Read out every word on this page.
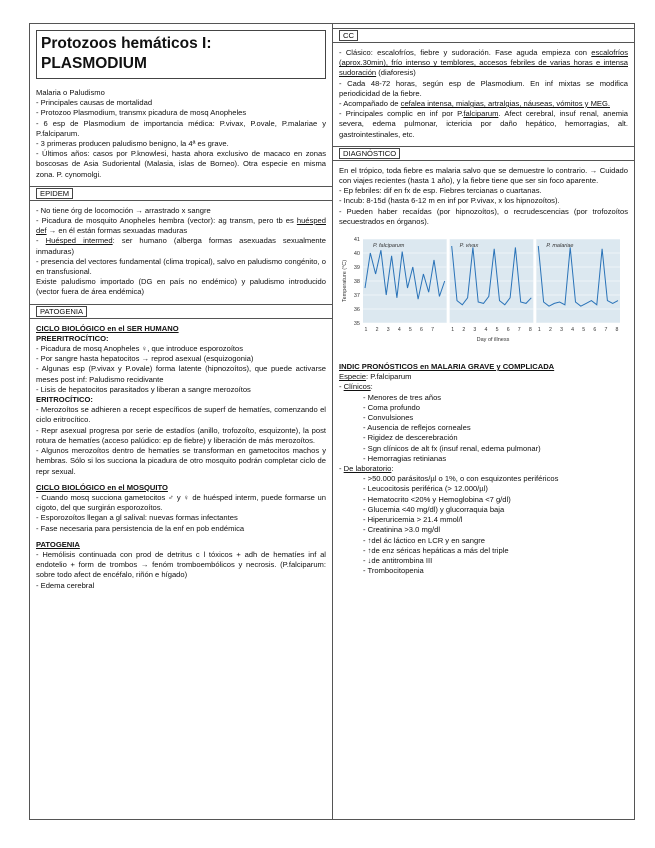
Protozoos hemáticos I:
PLASMODIUM

Malaria o Paludismo

- Principales causas de mortalidad

- Protozoo Plasmodium, transmx picadura de mosq Anopheles

- 6 esp de Plasmodium de importancia médica: P.vivax, P.ovale, P.malariae y P.falciparum.

- 3 primeras producen paludismo benigno, la 4ª es grave.

- Últimos años: casos por P.knowlesi, hasta ahora exclusivo de macaco en zonas boscosas de Asia Sudoriental (Malasia, islas de Borneo). Otra especie en misma zona. P. cynomolgi.

EPIDEM

- No tiene órg de locomoción → arrastrado x sangre

- Picadura de mosquito Anopheles hembra (vector): ag transm, pero tb es huésped def → en él están formas sexuadas maduras

- Huésped intermed: ser humano (alberga formas asexuadas sexualmente inmaduras)

- presencia del vectores fundamental (clima tropical), salvo en paludismo congénito, o en transfusional.

Existe paludismo importado (DG en país no endémico) y paludismo introducido (vector fuera de área endémica)

PATOGENIA

CICLO BIOLÓGICO en el SER HUMANO

PREERITROCÍTICO:

- Picadura de mosq Anopheles ♀, que introduce esporozoítos

- Por sangre hasta hepatocitos → reprod asexual (esquizogonia)

- Algunas esp (P.vivax y P.ovale) forma latente (hipnozoítos), que puede activarse meses post inf: Paludismo recidivante

- Lisis de hepatocitos parasitados y liberan a sangre merozoítos

ERITROCÍTICO:

- Merozoítos se adhieren a recept específicos de superf de hematíes, comenzando el ciclo eritrocítico.

- Repr asexual progresa por serie de estadíos (anillo, trofozoíto, esquizonte), la post rotura de hematíes (acceso palúdico: ep de fiebre) y liberación de más merozoítos.

- Algunos merozoítos dentro de hematíes se transforman en gametocitos machos y hembras. Sólo si los succiona la picadura de otro mosquito podrán completar ciclo de repr sexual.

CICLO BIOLÓGICO en el MOSQUITO

- Cuando mosq succiona gametocitos ♂ y ♀ de huésped interm, puede formarse un cigoto, del que surgirán esporozoítos.

- Esporozoítos llegan a gl salival: nuevas formas infectantes

- Fase necesaria para persistencia de la enf en pob endémica

PATOGENIA

- Hemólisis continuada con prod de detritus c l tóxicos + adh de hematíes inf al endotelio + form de trombos → fenóm tromboembólicos y necrosis. (P.falciparum: sobre todo afect de encéfalo, riñón e hígado)

- Edema cerebral

CC

- Clásico: escalofríos, fiebre y sudoración. Fase aguda empieza con escalofríos (aprox.30min), frío intenso y temblores, accesos febriles de varias horas e intensa sudoración (diaforesis)

- Cada 48-72 horas, según esp de Plasmodium. En inf mixtas se modifica periodicidad de la fiebre.

- Acompañado de cefalea intensa, mialgias, artralgias, náuseas, vómitos y MEG.

- Principales complic en inf por P.falciparum. Afect cerebral, insuf renal, anemia severa, edema pulmonar, ictericia por daño hepático, hemorragias, alt. gastrointestinales, etc.

DIAGNÓSTICO

En el trópico, toda fiebre es malaria salvo que se demuestre lo contrario. → Cuidado con viajes recientes (hasta 1 año), y la fiebre tiene que ser sin foco aparente.

- Ep febriles: dif en fx de esp. Fiebres tercianas o cuartanas.

- Incub: 8-15d (hasta 6-12 m en inf por P.vivax, x los hipnozoítos).

- Pueden haber recaídas (por hipnozoítos), o recrudescencias (por trofozoítos secuestrados en órganos).

P. falciparum	P. vivax	P. malariae
35
36
37
38
39
40
41
Temperature (°C)
1 2 3 4 5 6 7	1 2 3 4 5 6 7 8 1 2 3 4 5 6 7 8
Day of illness

INDIC PRONÓSTICOS en MALARIA GRAVE y COMPLICADA

Especie: P.falciparum

- Clínicos:

- Menores de tres años

- Coma profundo

- Convulsiones

- Ausencia de reflejos corneales

- Rigidez de descerebración

- Sgn clínicos de alt fx (insuf renal, edema pulmonar)

- Hemorragias retinianas

- De laboratorio:

- >50.000 parásitos/µl o 1%, o con esquizontes periféricos

- Leucocitosis periférica (> 12.000/µl)

- Hematocrito <20% y Hemoglobina <7 g/dl)

- Glucemia <40 mg/dl) y glucorraquia baja

- Hiperuricemia > 21.4 mmol/l

- Creatinina >3.0 mg/dl

- ↑del ác láctico en LCR y en sangre

- ↑de enz séricas hepáticas a más del triple

- ↓de antitrombina III

- Trombocitopenia
